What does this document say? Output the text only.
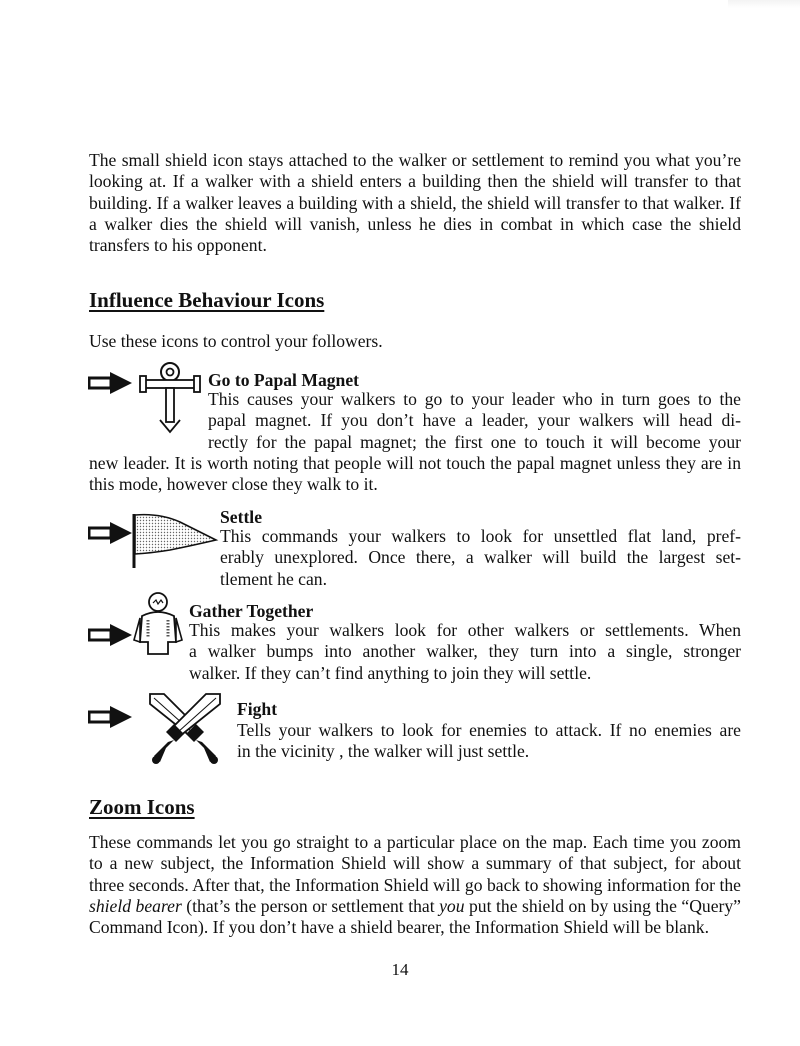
The small shield icon stays attached to the walker or settlement to remind you what you’re looking at. If a walker with a shield enters a building then the shield will transfer to that building. If a walker leaves a building with a shield, the shield will transfer to that walker. If a walker dies the shield will vanish, unless he dies in combat in which case the shield transfers to his opponent.

Influence Behaviour Icons

Use these icons to control your followers.

Go to Papal Magnet
This causes your walkers to go to your leader who in turn goes to the
papal magnet. If you don’t have a leader, your walkers will head di-
rectly for the papal magnet; the first one to touch it will become your

new leader. It is worth noting that people will not touch the papal magnet unless they are in this mode, however close they walk to it.

Settle
This commands your walkers to look for unsettled flat land, pref-
erably unexplored. Once there, a walker will build the largest set-
tlement he can.
Gather Together
This makes your walkers look for other walkers or settlements. When
a walker bumps into another walker, they turn into a single, stronger
walker. If they can’t find anything to join they will settle.
Fight
Tells your walkers to look for enemies to attack. If no enemies are
in the vicinity , the walker will just settle.
Zoom Icons

These commands let you go straight to a particular place on the map. Each time you zoom to a new subject, the Information Shield will show a summary of that subject, for about three seconds. After that, the Information Shield will go back to showing information for the shield bearer (that’s the person or settlement that you put the shield on by using the “Query” Command Icon). If you don’t have a shield bearer, the Information Shield will be blank.

14
